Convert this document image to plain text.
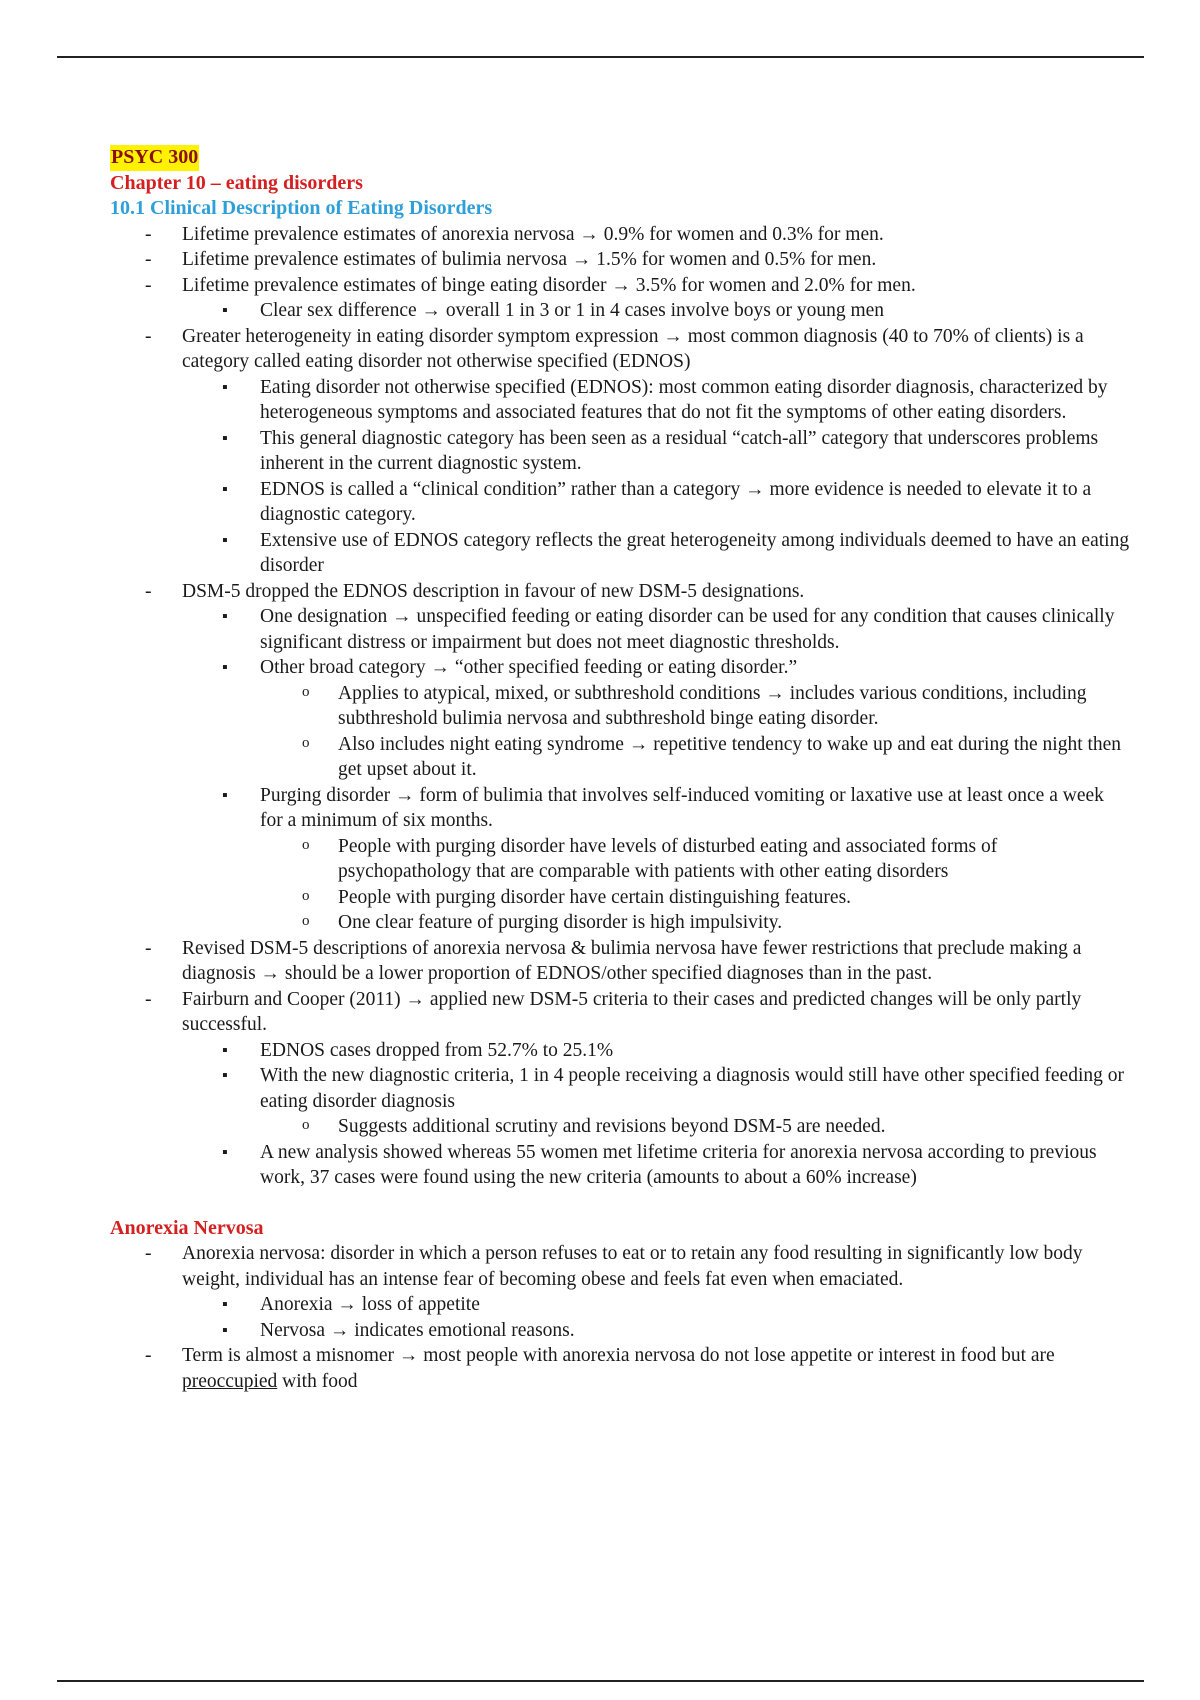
PSYC 300
Chapter 10 – eating disorders
10.1 Clinical Description of Eating Disorders
- Lifetime prevalence estimates of anorexia nervosa → 0.9% for women and 0.3% for men.
- Lifetime prevalence estimates of bulimia nervosa → 1.5% for women and 0.5% for men.
- Lifetime prevalence estimates of binge eating disorder → 3.5% for women and 2.0% for men.
▪ Clear sex difference → overall 1 in 3 or 1 in 4 cases involve boys or young men
- Greater heterogeneity in eating disorder symptom expression → most common diagnosis (40 to 70% of clients) is a category called eating disorder not otherwise specified (EDNOS)
▪ Eating disorder not otherwise specified (EDNOS): most common eating disorder diagnosis, characterized by heterogeneous symptoms and associated features that do not fit the symptoms of other eating disorders.
▪ This general diagnostic category has been seen as a residual “catch-all” category that underscores problems inherent in the current diagnostic system.
▪ EDNOS is called a “clinical condition” rather than a category → more evidence is needed to elevate it to a diagnostic category.
▪ Extensive use of EDNOS category reflects the great heterogeneity among individuals deemed to have an eating disorder
- DSM-5 dropped the EDNOS description in favour of new DSM-5 designations.
▪ One designation → unspecified feeding or eating disorder can be used for any condition that causes clinically significant distress or impairment but does not meet diagnostic thresholds.
▪ Other broad category → “other specified feeding or eating disorder.”
o Applies to atypical, mixed, or subthreshold conditions → includes various conditions, including subthreshold bulimia nervosa and subthreshold binge eating disorder.
o Also includes night eating syndrome → repetitive tendency to wake up and eat during the night then get upset about it.
▪ Purging disorder → form of bulimia that involves self-induced vomiting or laxative use at least once a week for a minimum of six months.
o People with purging disorder have levels of disturbed eating and associated forms of psychopathology that are comparable with patients with other eating disorders
o People with purging disorder have certain distinguishing features.
o One clear feature of purging disorder is high impulsivity.
- Revised DSM-5 descriptions of anorexia nervosa & bulimia nervosa have fewer restrictions that preclude making a diagnosis → should be a lower proportion of EDNOS/other specified diagnoses than in the past.
- Fairburn and Cooper (2011) → applied new DSM-5 criteria to their cases and predicted changes will be only partly successful.
▪ EDNOS cases dropped from 52.7% to 25.1%
▪ With the new diagnostic criteria, 1 in 4 people receiving a diagnosis would still have other specified feeding or eating disorder diagnosis
o Suggests additional scrutiny and revisions beyond DSM-5 are needed.
▪ A new analysis showed whereas 55 women met lifetime criteria for anorexia nervosa according to previous work, 37 cases were found using the new criteria (amounts to about a 60% increase)
Anorexia Nervosa
- Anorexia nervosa: disorder in which a person refuses to eat or to retain any food resulting in significantly low body weight, individual has an intense fear of becoming obese and feels fat even when emaciated.
▪ Anorexia → loss of appetite
▪ Nervosa → indicates emotional reasons.
- Term is almost a misnomer → most people with anorexia nervosa do not lose appetite or interest in food but are preoccupied with food
